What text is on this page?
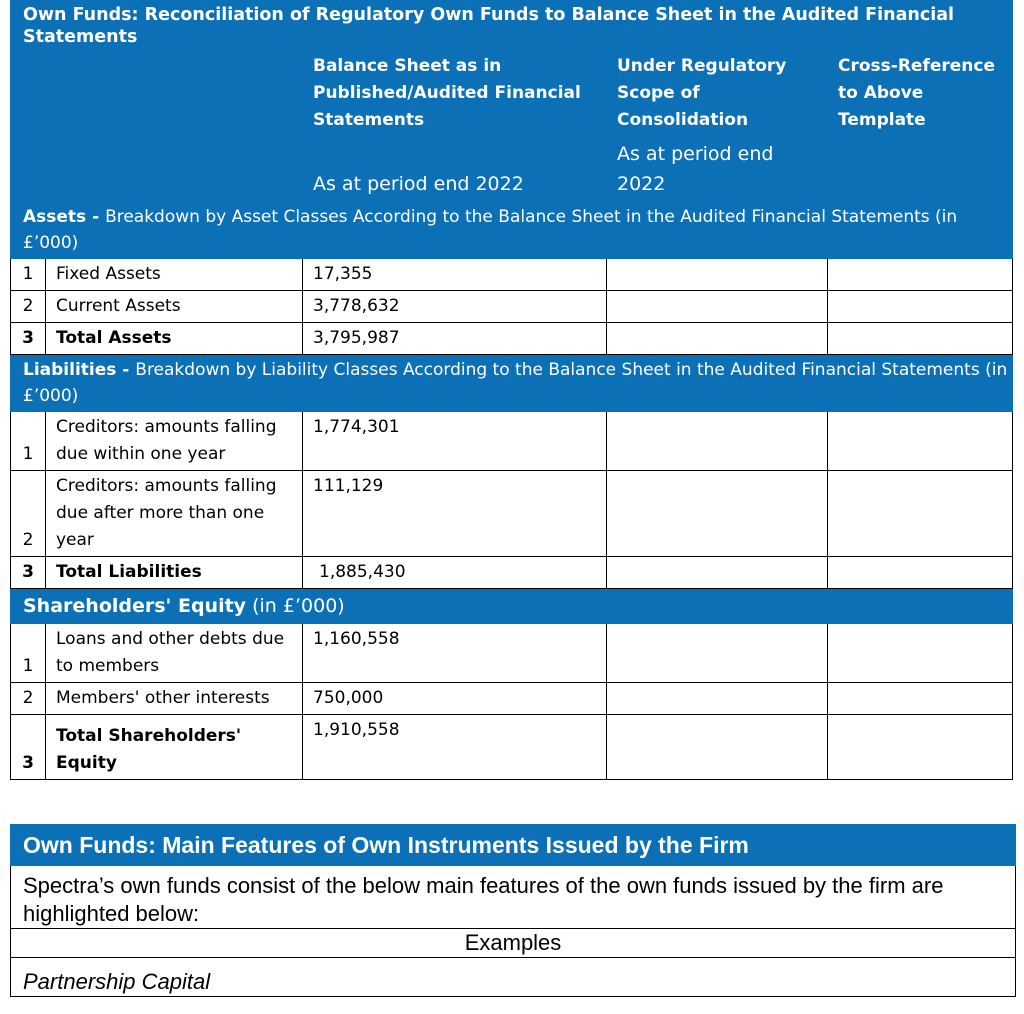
Own Funds: Reconciliation of Regulatory Own Funds to Balance Sheet in the Audited Financial Statements				
		Balance Sheet as in Published/Audited Financial Statements	Under Regulatory Scope of Consolidation	Cross-Reference to Above Template
		As at period end 2022	As at period end 2022	
Assets - Breakdown by Asset Classes According to the Balance Sheet in the Audited Financial Statements (in £’000)				
1	Fixed Assets	17,355		
2	Current Assets	3,778,632		
3	Total Assets	3,795,987		
Liabilities - Breakdown by Liability Classes According to the Balance Sheet in the Audited Financial Statements (in £’000)				
1	Creditors: amounts falling due within one year	1,774,301		
2	Creditors: amounts falling due after more than one year	111,129		
3	Total Liabilities	1,885,430		
Shareholders' Equity (in £’000)				
1	Loans and other debts due to members	1,160,558		
2	Members' other interests	750,000		
3	Total Shareholders' Equity	1,910,558		
Own Funds: Main Features of Own Instruments Issued by the Firm
Spectra’s own funds consist of the below main features of the own funds issued by the firm are highlighted below:
Examples
Partnership Capital
